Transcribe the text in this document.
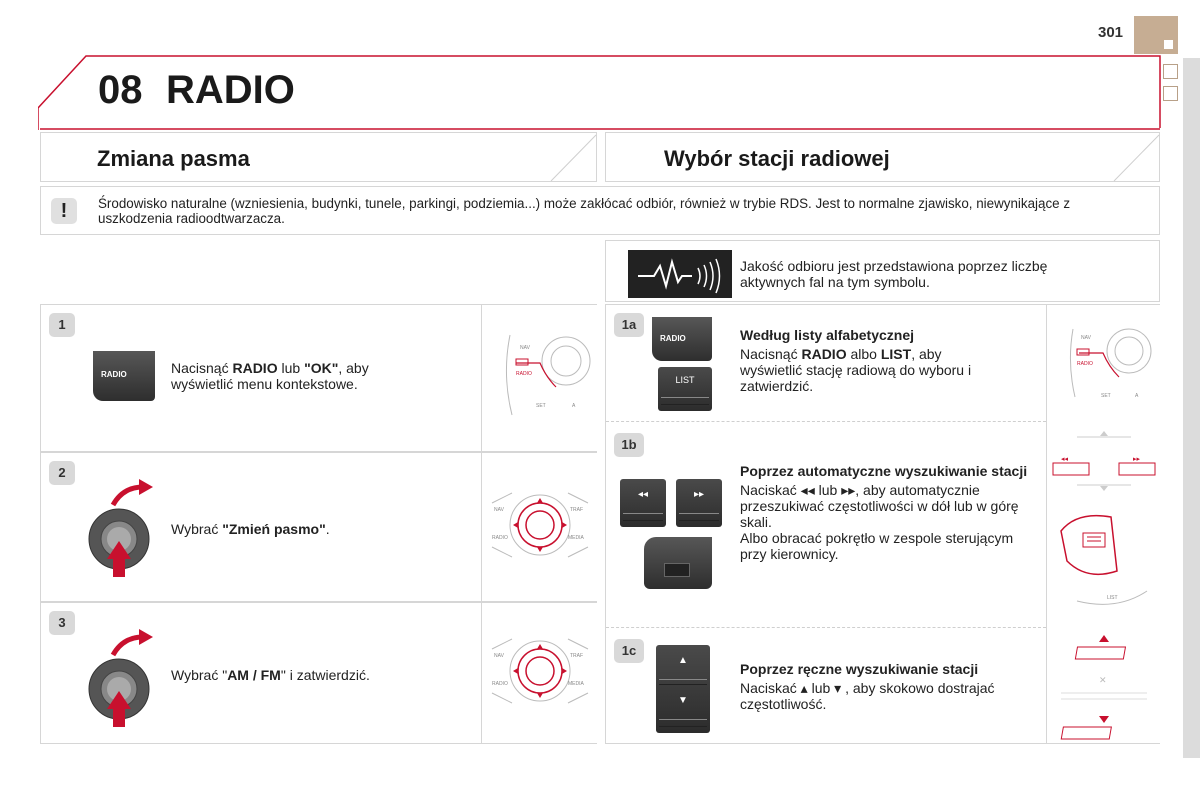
301
08 RADIO
Zmiana pasma	Wybór stacji radiowej
!	Środowisko naturalne (wzniesienia, budynki, tunele, parkingi, podziemia...) może zakłócać odbiór, również w trybie RDS. Jest to normalne zjawisko, niewynikające z uszkodzenia radioodtwarzacza.
Jakość odbioru jest przedstawiona poprzez liczbę
aktywnych fal na tym symbolu.
1
RADIO	Nacisnąć RADIO lub "OK", aby
wyświetlić menu kontekstowe.
NAV
RADIO
SET	A
2
Wybrać "Zmień pasmo".
NAV
RADIO
TRAF
MEDIA
3
Wybrać "AM / FM" i zatwierdzić.
NAV
RADIO
TRAF
MEDIA
1a
RADIO
LIST
Według listy alfabetycznej
Nacisnąć RADIO albo LIST, aby
wyświetlić stację radiową do wyboru i
zatwierdzić.
NAV
RADIO
SET	A
1b
◂◂	▸▸
Poprzez automatyczne wyszukiwanie stacji
Naciskać ◂◂ lub ▸▸, aby automatycznie przeszukiwać częstotliwości w dół lub w górę skali.
Albo obracać pokrętło w zespole sterującym przy kierownicy.
◂◂	▸▸
LIST
1c
▲
▼
Poprzez ręczne wyszukiwanie stacji
Naciskać ▴ lub ▾ , aby skokowo dostrajać częstotliwość.
✕
